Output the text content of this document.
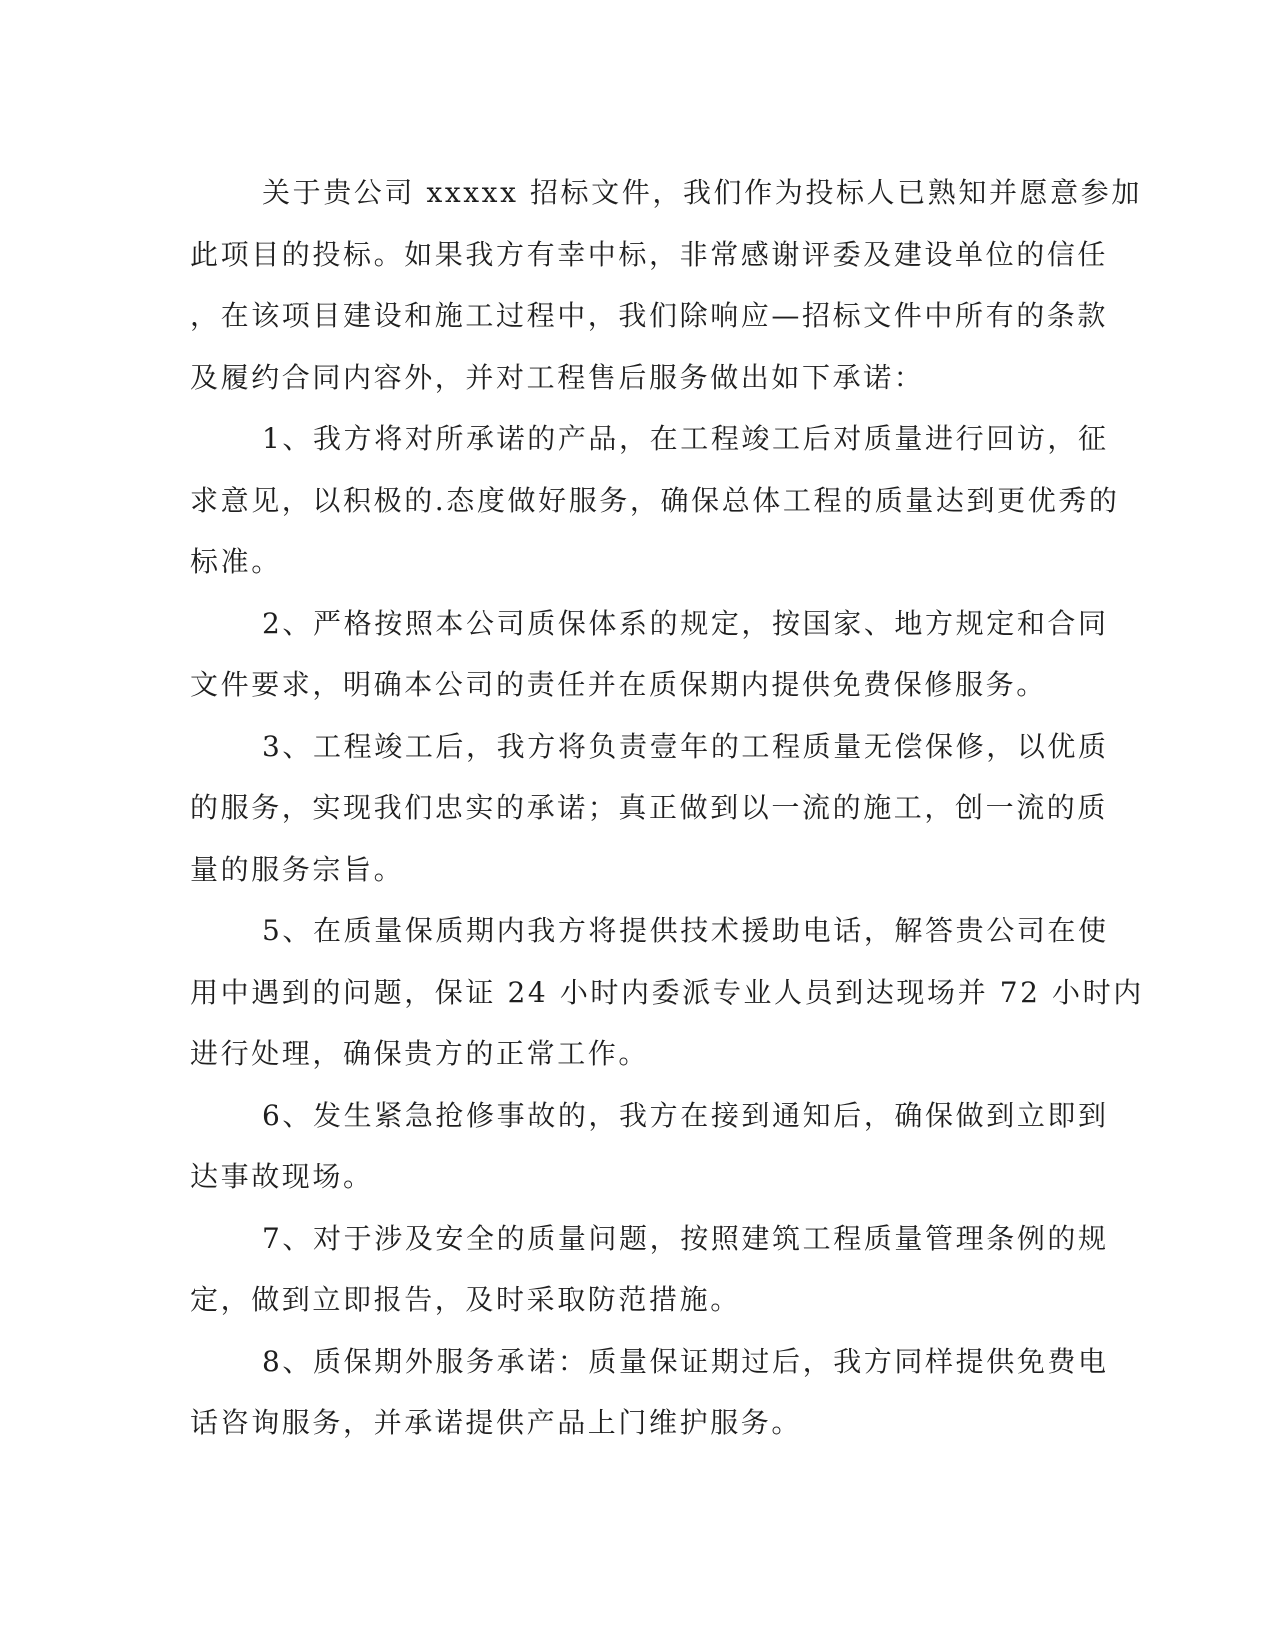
关于贵公司 xxxxx 招标文件，我们作为投标人已熟知并愿意参加
此项目的投标。如果我方有幸中标，非常感谢评委及建设单位的信任
，在该项目建设和施工过程中，我们除响应—招标文件中所有的条款
及履约合同内容外，并对工程售后服务做出如下承诺：
1、我方将对所承诺的产品，在工程竣工后对质量进行回访，征
求意见，以积极的.态度做好服务，确保总体工程的质量达到更优秀的
标准。
2、严格按照本公司质保体系的规定，按国家、地方规定和合同
文件要求，明确本公司的责任并在质保期内提供免费保修服务。
3、工程竣工后，我方将负责壹年的工程质量无偿保修，以优质
的服务，实现我们忠实的承诺；真正做到以一流的施工，创一流的质
量的服务宗旨。
5、在质量保质期内我方将提供技术援助电话，解答贵公司在使
用中遇到的问题，保证 24 小时内委派专业人员到达现场并 72 小时内
进行处理，确保贵方的正常工作。
6、发生紧急抢修事故的，我方在接到通知后，确保做到立即到
达事故现场。
7、对于涉及安全的质量问题，按照建筑工程质量管理条例的规
定，做到立即报告，及时采取防范措施。
8、质保期外服务承诺：质量保证期过后，我方同样提供免费电
话咨询服务，并承诺提供产品上门维护服务。
